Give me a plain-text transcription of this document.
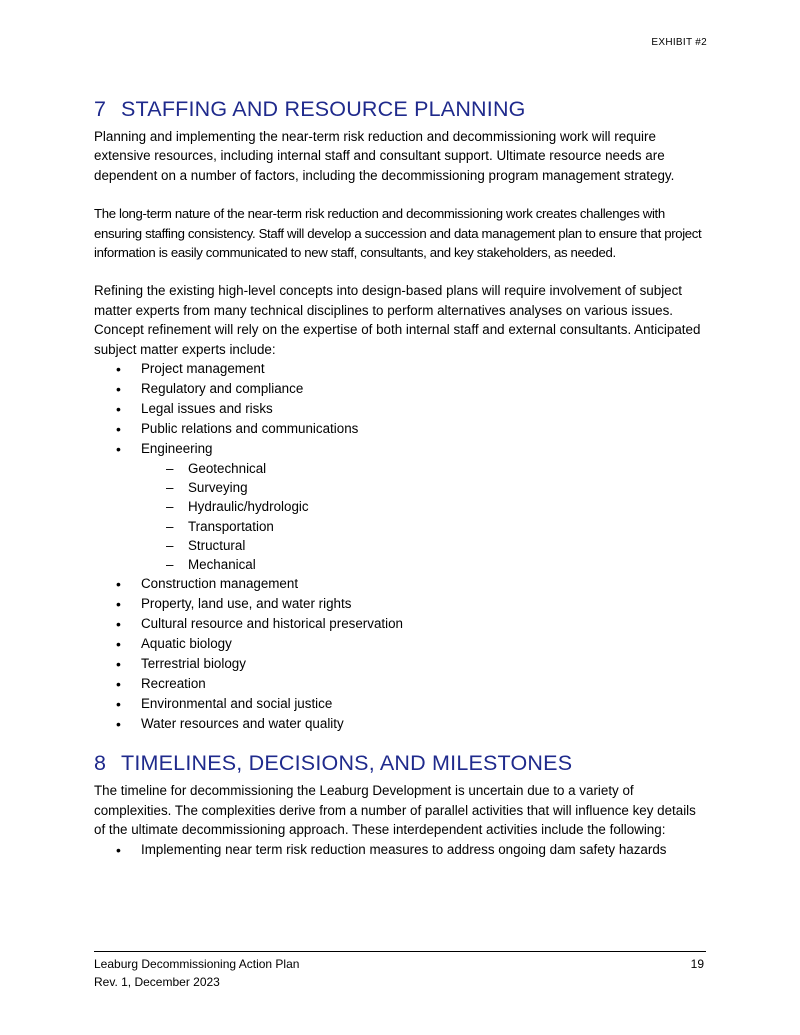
EXHIBIT #2
7 STAFFING AND RESOURCE PLANNING

Planning and implementing the near-term risk reduction and decommissioning work will require extensive resources, including internal staff and consultant support. Ultimate resource needs are dependent on a number of factors, including the decommissioning program management strategy.

The long-term nature of the near-term risk reduction and decommissioning work creates challenges with ensuring staffing consistency. Staff will develop a succession and data management plan to ensure that project information is easily communicated to new staff, consultants, and key stakeholders, as needed.

Refining the existing high-level concepts into design-based plans will require involvement of subject matter experts from many technical disciplines to perform alternatives analyses on various issues. Concept refinement will rely on the expertise of both internal staff and external consultants. Anticipated subject matter experts include:

• Project management
• Regulatory and compliance
• Legal issues and risks
• Public relations and communications
• Engineering
– Geotechnical
– Surveying
– Hydraulic/hydrologic
– Transportation
– Structural
– Mechanical
• Construction management
• Property, land use, and water rights
• Cultural resource and historical preservation
• Aquatic biology
• Terrestrial biology
• Recreation
• Environmental and social justice
• Water resources and water quality
8 TIMELINES, DECISIONS, AND MILESTONES

The timeline for decommissioning the Leaburg Development is uncertain due to a variety of complexities. The complexities derive from a number of parallel activities that will influence key details of the ultimate decommissioning approach. These interdependent activities include the following:

• Implementing near term risk reduction measures to address ongoing dam safety hazards
Leaburg Decommissioning Action Plan
Rev. 1, December 2023
19
